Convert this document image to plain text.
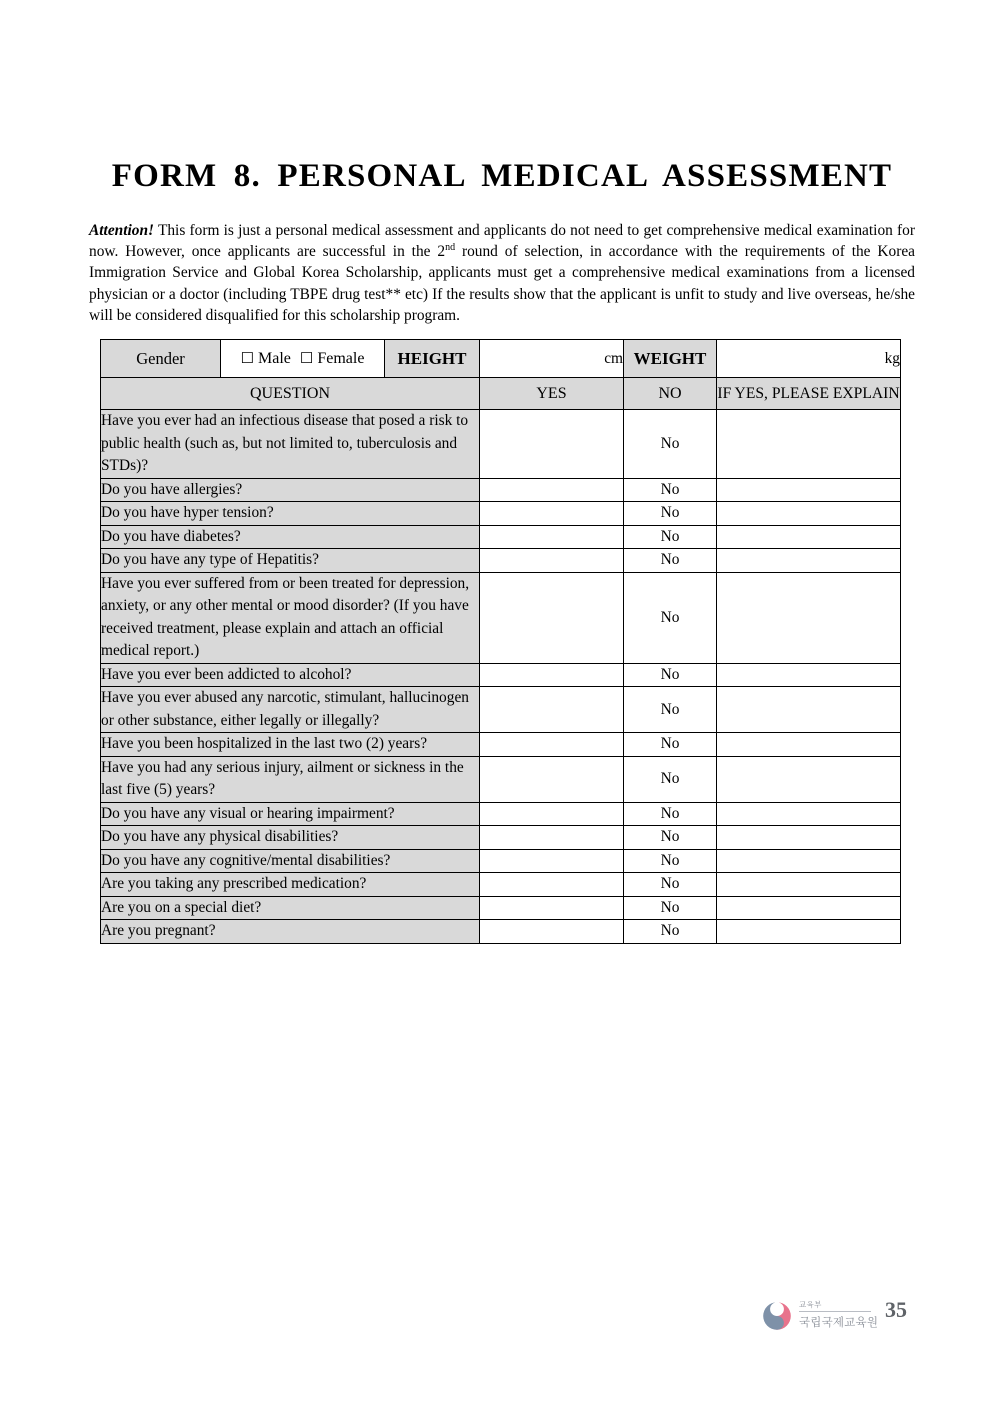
FORM 8. PERSONAL MEDICAL ASSESSMENT
Attention! This form is just a personal medical assessment and applicants do not need to get comprehensive medical examination for now. However, once applicants are successful in the 2nd round of selection, in accordance with the requirements of the Korea Immigration Service and Global Korea Scholarship, applicants must get a comprehensive medical examinations from a licensed physician or a doctor (including TBPE drug test** etc) If the results show that the applicant is unfit to study and live overseas, he/she will be considered disqualified for this scholarship program.
Gender	☐ Male ☐ Female	HEIGHT	cm	WEIGHT	kg
QUESTION			YES	NO	IF YES, PLEASE EXPLAIN
Have you ever had an infectious disease that posed a risk to public health (such as, but not limited to, tuberculosis and STDs)?				No	
Do you have allergies?				No	
Do you have hyper tension?				No	
Do you have diabetes?				No	
Do you have any type of Hepatitis?				No	
Have you ever suffered from or been treated for depression, anxiety, or any other mental or mood disorder? (If you have received treatment, please explain and attach an official medical report.)				No	
Have you ever been addicted to alcohol?				No	
Have you ever abused any narcotic, stimulant, hallucinogen or other substance, either legally or illegally?				No	
Have you been hospitalized in the last two (2) years?				No	
Have you had any serious injury, ailment or sickness in the last five (5) years?				No	
Do you have any visual or hearing impairment?				No	
Do you have any physical disabilities?				No	
Do you have any cognitive/mental disabilities?				No	
Are you taking any prescribed medication?				No	
Are you on a special diet?				No	
Are you pregnant?				No	
교육부
국립국제교육원 35
